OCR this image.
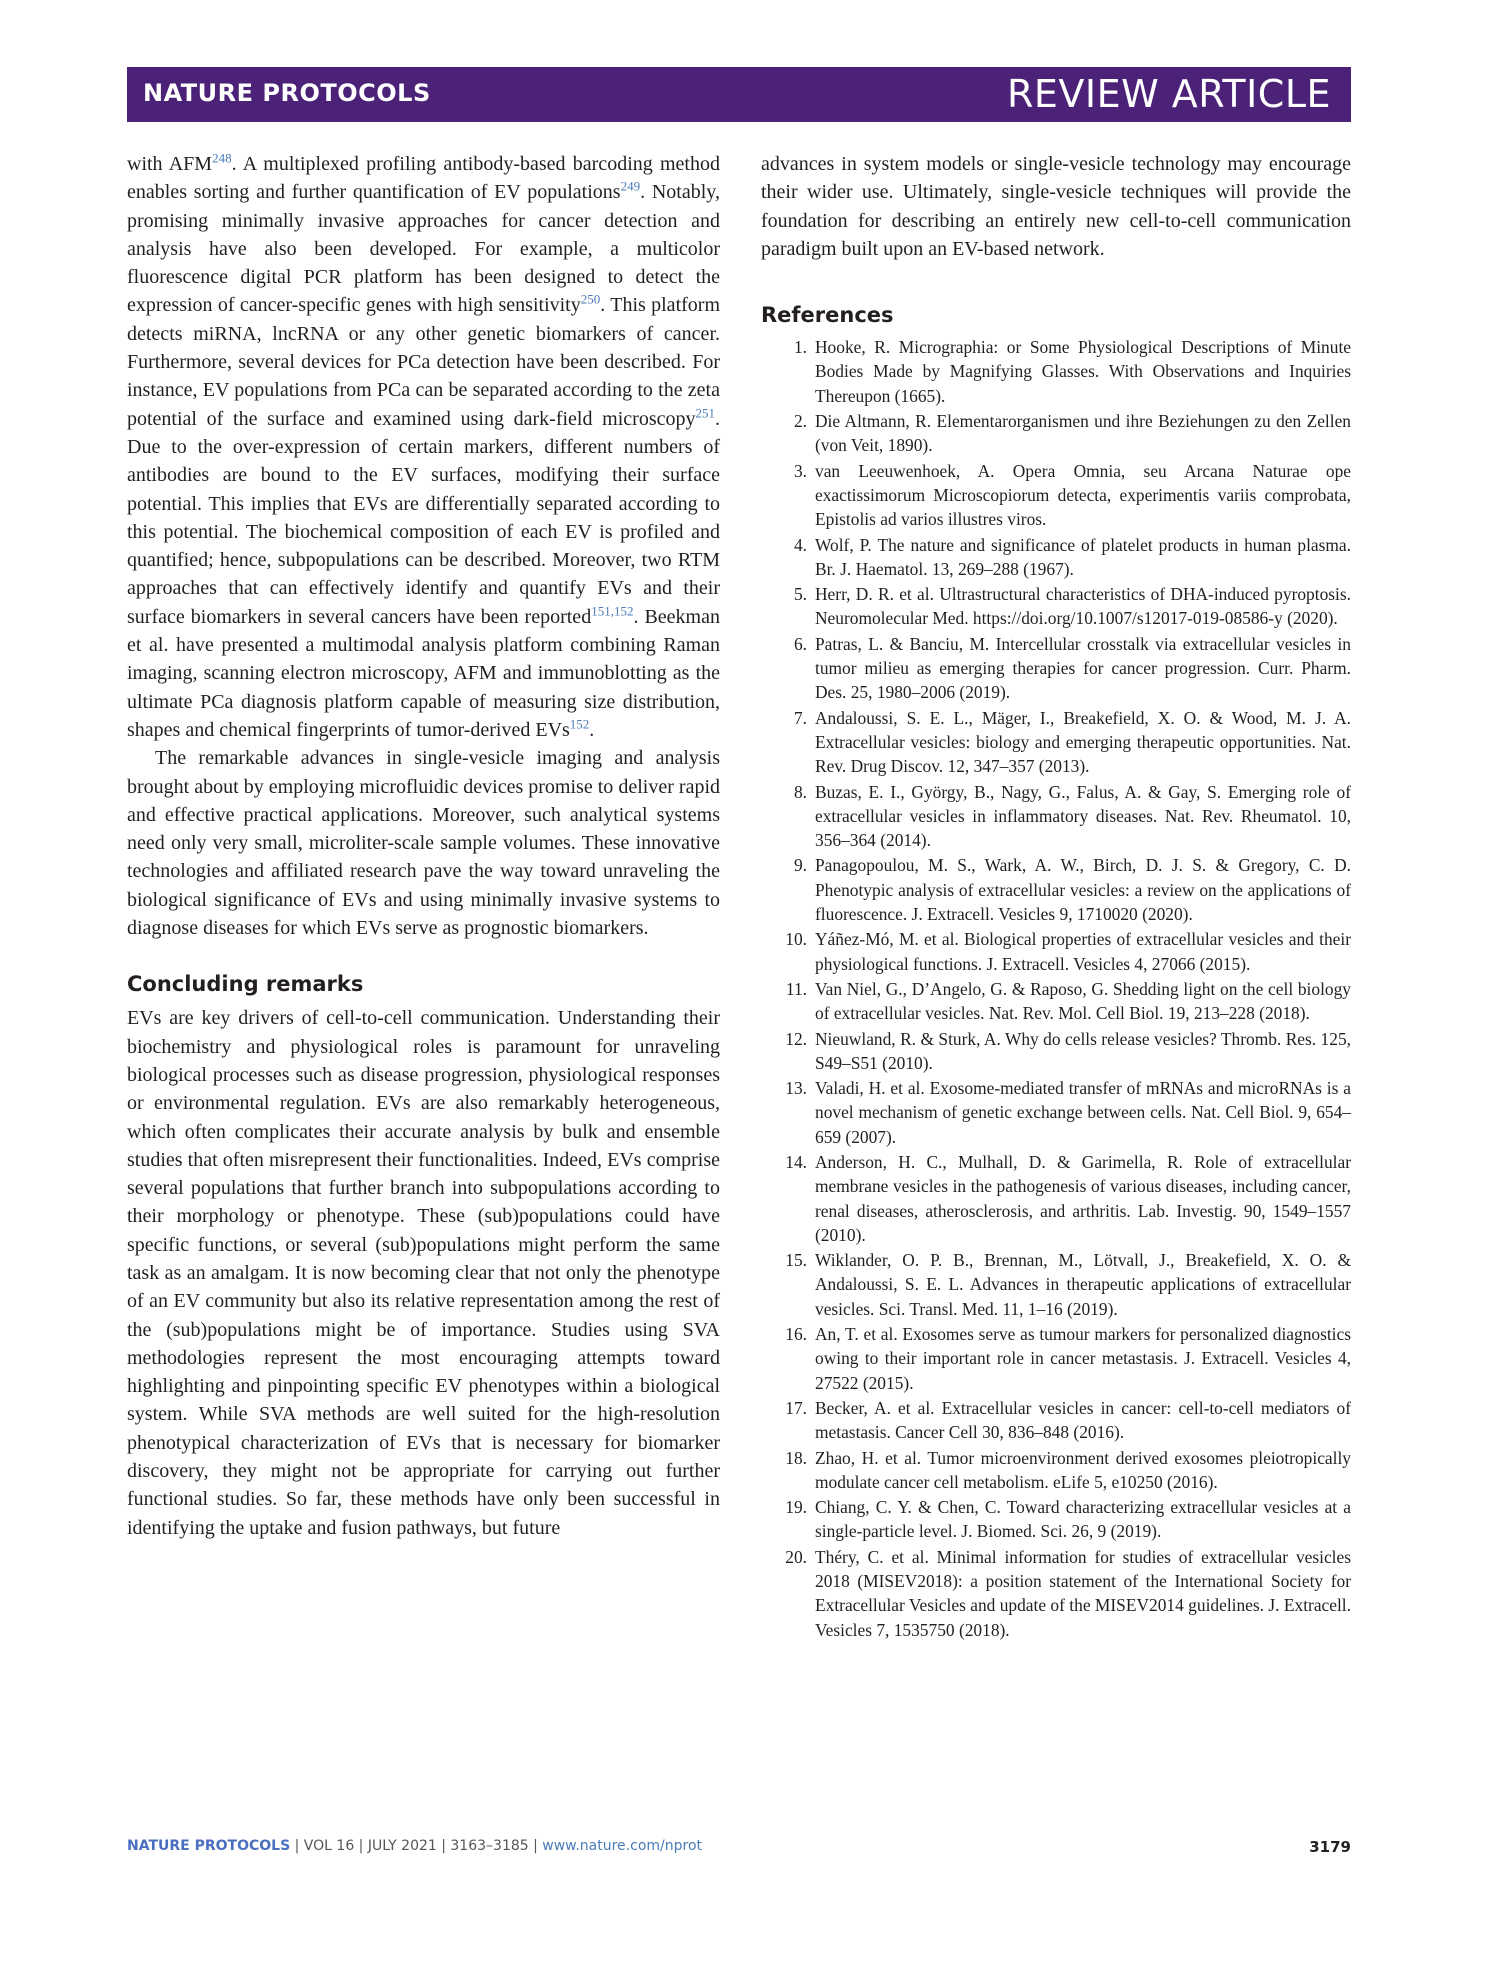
NATURE PROTOCOLS	REVIEW ARTICLE

with AFM$^{248}$. A multiplexed profiling antibody-based barcoding method enables sorting and further quantification of EV populations$^{249}$. Notably, promising minimally invasive approaches for cancer detection and analysis have also been developed. For example, a multicolor fluorescence digital PCR platform has been designed to detect the expression of cancer-specific genes with high sensitivity$^{250}$. This platform detects miRNA, lncRNA or any other genetic biomarkers of cancer. Furthermore, several devices for PCa detection have been described. For instance, EV populations from PCa can be separated according to the zeta potential of the surface and examined using dark-field microscopy$^{251}$. Due to the over-expression of certain markers, different numbers of antibodies are bound to the EV surfaces, modifying their surface potential. This implies that EVs are differentially separated according to this potential. The biochemical composition of each EV is profiled and quantified; hence, subpopulations can be described. Moreover, two RTM approaches that can effectively identify and quantify EVs and their surface biomarkers in several cancers have been reported$^{151,152}$. Beekman et al. have presented a multimodal analysis platform combining Raman imaging, scanning electron microscopy, AFM and immunoblotting as the ultimate PCa diagnosis platform capable of measuring size distribution, shapes and chemical fingerprints of tumor-derived EVs$^{152}$.

The remarkable advances in single-vesicle imaging and analysis brought about by employing microfluidic devices promise to deliver rapid and effective practical applications. Moreover, such analytical systems need only very small, microliter-scale sample volumes. These innovative technologies and affiliated research pave the way toward unraveling the biological significance of EVs and using minimally invasive systems to diagnose diseases for which EVs serve as prognostic biomarkers.

Concluding remarks

EVs are key drivers of cell-to-cell communication. Understanding their biochemistry and physiological roles is paramount for unraveling biological processes such as disease progression, physiological responses or environmental regulation. EVs are also remarkably heterogeneous, which often complicates their accurate analysis by bulk and ensemble studies that often misrepresent their functionalities. Indeed, EVs comprise several populations that further branch into subpopulations according to their morphology or phenotype. These (sub)populations could have specific functions, or several (sub)populations might perform the same task as an amalgam. It is now becoming clear that not only the phenotype of an EV community but also its relative representation among the rest of the (sub)populations might be of importance. Studies using SVA methodologies represent the most encouraging attempts toward highlighting and pinpointing specific EV phenotypes within a biological system. While SVA methods are well suited for the high-resolution phenotypical characterization of EVs that is necessary for biomarker discovery, they might not be appropriate for carrying out further functional studies. So far, these methods have only been successful in identifying the uptake and fusion pathways, but future

advances in system models or single-vesicle technology may encourage their wider use. Ultimately, single-vesicle techniques will provide the foundation for describing an entirely new cell-to-cell communication paradigm built upon an EV-based network.

References
1. Hooke, R. Micrographia: or Some Physiological Descriptions of Minute Bodies Made by Magnifying Glasses. With Observations and Inquiries Thereupon (1665).
2. Die Altmann, R. Elementarorganismen und ihre Beziehungen zu den Zellen (von Veit, 1890).
3. van Leeuwenhoek, A. Opera Omnia, seu Arcana Naturae ope exactissimorum Microscopiorum detecta, experimentis variis comprobata, Epistolis ad varios illustres viros.
4. Wolf, P. The nature and significance of platelet products in human plasma. Br. J. Haematol. 13, 269–288 (1967).
5. Herr, D. R. et al. Ultrastructural characteristics of DHA-induced pyroptosis. Neuromolecular Med. https://doi.org/10.1007/s12017-019-08586-y (2020).
6. Patras, L. & Banciu, M. Intercellular crosstalk via extracellular vesicles in tumor milieu as emerging therapies for cancer progression. Curr. Pharm. Des. 25, 1980–2006 (2019).
7. Andaloussi, S. E. L., Mäger, I., Breakefield, X. O. & Wood, M. J. A. Extracellular vesicles: biology and emerging therapeutic opportunities. Nat. Rev. Drug Discov. 12, 347–357 (2013).
8. Buzas, E. I., György, B., Nagy, G., Falus, A. & Gay, S. Emerging role of extracellular vesicles in inflammatory diseases. Nat. Rev. Rheumatol. 10, 356–364 (2014).
9. Panagopoulou, M. S., Wark, A. W., Birch, D. J. S. & Gregory, C. D. Phenotypic analysis of extracellular vesicles: a review on the applications of fluorescence. J. Extracell. Vesicles 9, 1710020 (2020).
10. Yáñez-Mó, M. et al. Biological properties of extracellular vesicles and their physiological functions. J. Extracell. Vesicles 4, 27066 (2015).
11. Van Niel, G., D’Angelo, G. & Raposo, G. Shedding light on the cell biology of extracellular vesicles. Nat. Rev. Mol. Cell Biol. 19, 213–228 (2018).
12. Nieuwland, R. & Sturk, A. Why do cells release vesicles? Thromb. Res. 125, S49–S51 (2010).
13. Valadi, H. et al. Exosome-mediated transfer of mRNAs and microRNAs is a novel mechanism of genetic exchange between cells. Nat. Cell Biol. 9, 654–659 (2007).
14. Anderson, H. C., Mulhall, D. & Garimella, R. Role of extracellular membrane vesicles in the pathogenesis of various diseases, including cancer, renal diseases, atherosclerosis, and arthritis. Lab. Investig. 90, 1549–1557 (2010).
15. Wiklander, O. P. B., Brennan, M., Lötvall, J., Breakefield, X. O. & Andaloussi, S. E. L. Advances in therapeutic applications of extracellular vesicles. Sci. Transl. Med. 11, 1–16 (2019).
16. An, T. et al. Exosomes serve as tumour markers for personalized diagnostics owing to their important role in cancer metastasis. J. Extracell. Vesicles 4, 27522 (2015).
17. Becker, A. et al. Extracellular vesicles in cancer: cell-to-cell mediators of metastasis. Cancer Cell 30, 836–848 (2016).
18. Zhao, H. et al. Tumor microenvironment derived exosomes pleiotropically modulate cancer cell metabolism. eLife 5, e10250 (2016).
19. Chiang, C. Y. & Chen, C. Toward characterizing extracellular vesicles at a single-particle level. J. Biomed. Sci. 26, 9 (2019).
20. Théry, C. et al. Minimal information for studies of extracellular vesicles 2018 (MISEV2018): a position statement of the International Society for Extracellular Vesicles and update of the MISEV2014 guidelines. J. Extracell. Vesicles 7, 1535750 (2018).
NATURE PROTOCOLS | VOL 16 | JULY 2021 | 3163–3185 | www.nature.com/nprot	3179
